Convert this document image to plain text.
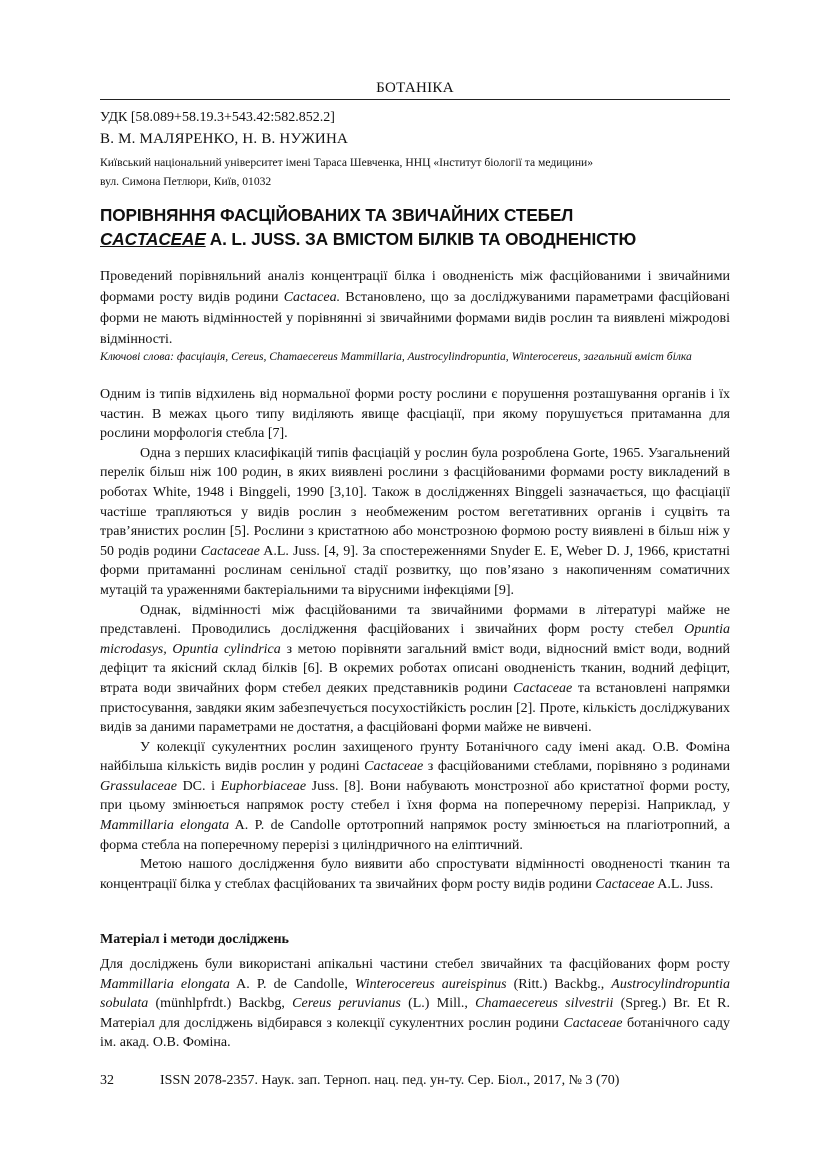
БОТАНІКА
УДК [58.089+58.19.3+543.42:582.852.2]
В. М. МАЛЯРЕНКО, Н. В. НУЖИНА
Київський національний університет імені Тараса Шевченка, ННЦ «Інститут біології та медицини»
вул. Симона Петлюри, Київ, 01032
ПОРІВНЯННЯ ФАСЦІЙОВАНИХ ТА ЗВИЧАЙНИХ СТЕБЕЛ
CACTACEAE A. L. JUSS. ЗА ВМІСТОМ БІЛКІВ ТА ОВОДНЕНІСТЮ
Проведений порівняльний аналіз концентрації білка і оводненість між фасційованими і звичайними формами росту видів родини Cactacea. Встановлено, що за досліджуваними параметрами фасційовані форми не мають відмінностей у порівнянні зі звичайними формами видів рослин та виявлені міжродові відмінності.
Ключові слова: фасціація, Cereus, Chamaecereus Mammillaria, Austrocylindropuntia, Winterocereus, загальний вміст білка

Одним із типів відхилень від нормальної форми росту рослини є порушення розташування органів і їх частин. В межах цього типу виділяють явище фасціації, при якому порушується притаманна для рослини морфологія стебла [7].

Одна з перших класифікацій типів фасціацій у рослин була розроблена Gorte, 1965. Узагальнений перелік більш ніж 100 родин, в яких виявлені рослини з фасційованими формами росту викладений в роботах White, 1948 і Binggeli, 1990 [3,10]. Також в дослідженнях Binggeli зазначається, що фасціації частіше трапляються у видів рослин з необмеженим ростом вегетативних органів і суцвіть та трав’янистих рослин [5]. Рослини з кристатною або монстрозною формою росту виявлені в більш ніж у 50 родів родини Cactaceae A.L. Juss. [4, 9]. За спостереженнями Snyder E. E, Weber D. J, 1966, кристатні форми притаманні рослинам сенільної стадії розвитку, що пов’язано з накопиченням соматичних мутацій та ураженнями бактеріальними та вірусними інфекціями [9].

Однак, відмінності між фасційованими та звичайними формами в літературі майже не представлені. Проводились дослідження фасційованих і звичайних форм росту стебел Opuntia microdasys, Opuntia cylindrica з метою порівняти загальний вміст води, відносний вміст води, водний дефіцит та якісний склад білків [6]. В окремих роботах описані оводненість тканин, водний дефіцит, втрата води звичайних форм стебел деяких представників родини Cactaceae та встановлені напрямки пристосування, завдяки яким забезпечується посухостійкість рослин [2]. Проте, кількість досліджуваних видів за даними параметрами не достатня, а фасційовані форми майже не вивчені.

У колекції сукулентних рослин захищеного ґрунту Ботанічного саду імені акад. О.В. Фоміна найбільша кількість видів рослин у родині Cactaceae з фасційованими стеблами, порівняно з родинами Grassulaceae DC. і Euphorbiaceae Juss. [8]. Вони набувають монстрозної або кристатної форми росту, при цьому змінюється напрямок росту стебел і їхня форма на поперечному перерізі. Наприклад, у Mammillaria elongata A. P. de Candolle ортотропний напрямок росту змінюється на плагіотропний, а форма стебла на поперечному перерізі з циліндричного на еліптичний.

Метою нашого дослідження було виявити або спростувати відмінності оводненості тканин та концентрації білка у стеблах фасційованих та звичайних форм росту видів родини Cactaceae A.L. Juss.

Матеріал і методи досліджень
Для досліджень були використані апікальні частини стебел звичайних та фасційованих форм росту Mammillaria elongata A. P. de Candolle, Winterocereus aureispinus (Ritt.) Backbg., Austrocylindropuntia sobulata (münhlpfrdt.) Backbg, Cereus peruvianus (L.) Mill., Chamaecereus silvestrii (Spreg.) Br. Et R. Матеріал для досліджень відбирався з колекції сукулентних рослин родини Cactaceae ботанічного саду ім. акад. О.В. Фоміна.
32	ISSN 2078-2357. Наук. зап. Терноп. нац. пед. ун-ту. Сер. Біол., 2017, № 3 (70)
